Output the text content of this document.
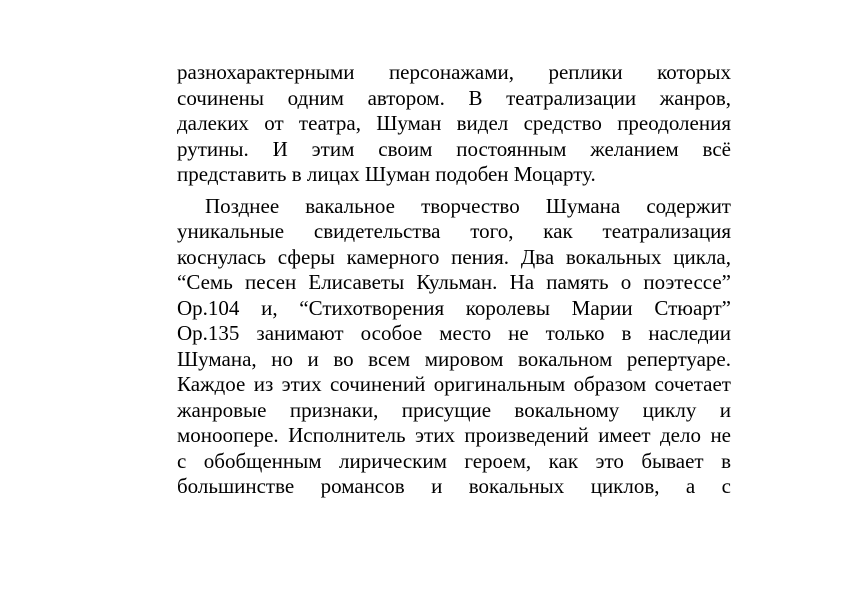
разнохарактерными персонажами, реплики которых
сочинены одним автором. В театрализации жанров,
далеких от театра, Шуман видел средство преодоления
рутины. И этим своим постоянным желанием всё
представить в лицах Шуман подобен Моцарту.
Позднее вакальное творчество Шумана содержит
уникальные свидетельства того, как театрализация
коснулась сферы камерного пения. Два вокальных цикла,
“Семь песен Елисаветы Кульман. На память о поэтессе”
Op.104 и, “Стихотворения королевы Марии Стюарт”
Op.135 занимают особое место не только в наследии
Шумана, но и во всем мировом вокальном репертуаре.
Каждое из этих сочинений оригинальным образом сочетает
жанровые признаки, присущие вокальному циклу и
моноопере. Исполнитель этих произведений имеет дело не
с обобщенным лирическим героем, как это бывает в
большинстве романсов и вокальных циклов, а с
